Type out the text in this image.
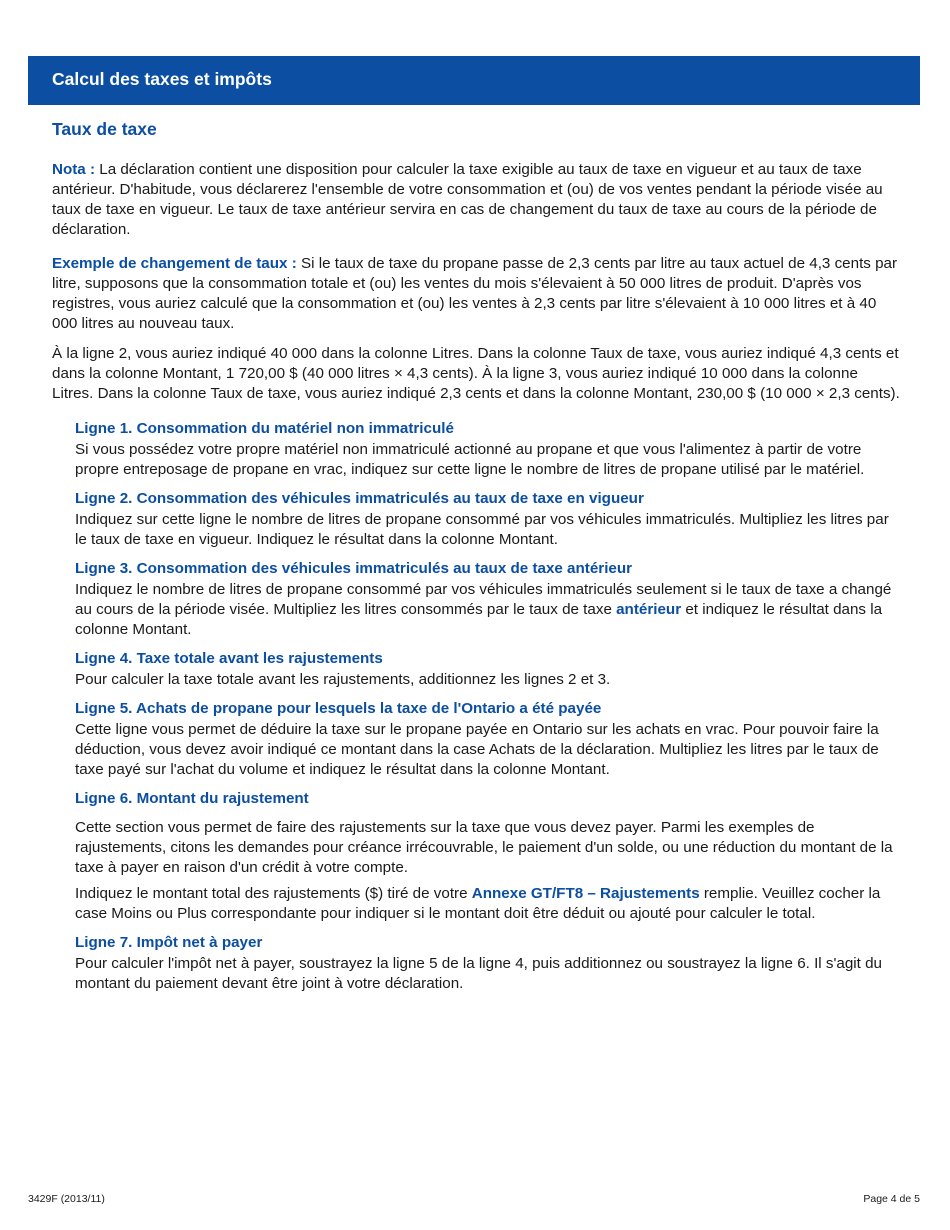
Calcul des taxes et impôts
Taux de taxe

Nota : La déclaration contient une disposition pour calculer la taxe exigible au taux de taxe en vigueur et au taux de taxe antérieur. D'habitude, vous déclarerez l'ensemble de votre consommation et (ou) de vos ventes pendant la période visée au taux de taxe en vigueur. Le taux de taxe antérieur servira en cas de changement du taux de taxe au cours de la période de déclaration.

Exemple de changement de taux : Si le taux de taxe du propane passe de 2,3 cents par litre au taux actuel de 4,3 cents par litre, supposons que la consommation totale et (ou) les ventes du mois s'élevaient à 50 000 litres de produit. D'après vos registres, vous auriez calculé que la consommation et (ou) les ventes à 2,3 cents par litre s'élevaient à 10 000 litres et à 40 000 litres au nouveau taux.

À la ligne 2, vous auriez indiqué 40 000 dans la colonne Litres. Dans la colonne Taux de taxe, vous auriez indiqué 4,3 cents et dans la colonne Montant, 1 720,00 $ (40 000 litres × 4,3 cents). À la ligne 3, vous auriez indiqué 10 000 dans la colonne Litres. Dans la colonne Taux de taxe, vous auriez indiqué 2,3 cents et dans la colonne Montant, 230,00 $ (10 000 × 2,3 cents).

Ligne 1. Consommation du matériel non immatriculé

Si vous possédez votre propre matériel non immatriculé actionné au propane et que vous l'alimentez à partir de votre propre entreposage de propane en vrac, indiquez sur cette ligne le nombre de litres de propane utilisé par le matériel.

Ligne 2. Consommation des véhicules immatriculés au taux de taxe en vigueur

Indiquez sur cette ligne le nombre de litres de propane consommé par vos véhicules immatriculés. Multipliez les litres par le taux de taxe en vigueur. Indiquez le résultat dans la colonne Montant.

Ligne 3. Consommation des véhicules immatriculés au taux de taxe antérieur

Indiquez le nombre de litres de propane consommé par vos véhicules immatriculés seulement si le taux de taxe a changé au cours de la période visée. Multipliez les litres consommés par le taux de taxe antérieur et indiquez le résultat dans la colonne Montant.

Ligne 4. Taxe totale avant les rajustements

Pour calculer la taxe totale avant les rajustements, additionnez les lignes 2 et 3.

Ligne 5. Achats de propane pour lesquels la taxe de l'Ontario a été payée

Cette ligne vous permet de déduire la taxe sur le propane payée en Ontario sur les achats en vrac. Pour pouvoir faire la déduction, vous devez avoir indiqué ce montant dans la case Achats de la déclaration. Multipliez les litres par le taux de taxe payé sur l'achat du volume et indiquez le résultat dans la colonne Montant.

Ligne 6. Montant du rajustement

Cette section vous permet de faire des rajustements sur la taxe que vous devez payer. Parmi les exemples de rajustements, citons les demandes pour créance irrécouvrable, le paiement d'un solde, ou une réduction du montant de la taxe à payer en raison d'un crédit à votre compte.

Indiquez le montant total des rajustements ($) tiré de votre Annexe GT/FT8 – Rajustements remplie. Veuillez cocher la case Moins ou Plus correspondante pour indiquer si le montant doit être déduit ou ajouté pour calculer le total.

Ligne 7. Impôt net à payer

Pour calculer l'impôt net à payer, soustrayez la ligne 5 de la ligne 4, puis additionnez ou soustrayez la ligne 6. Il s'agit du montant du paiement devant être joint à votre déclaration.

3429F (2013/11)	Page 4 de 5
